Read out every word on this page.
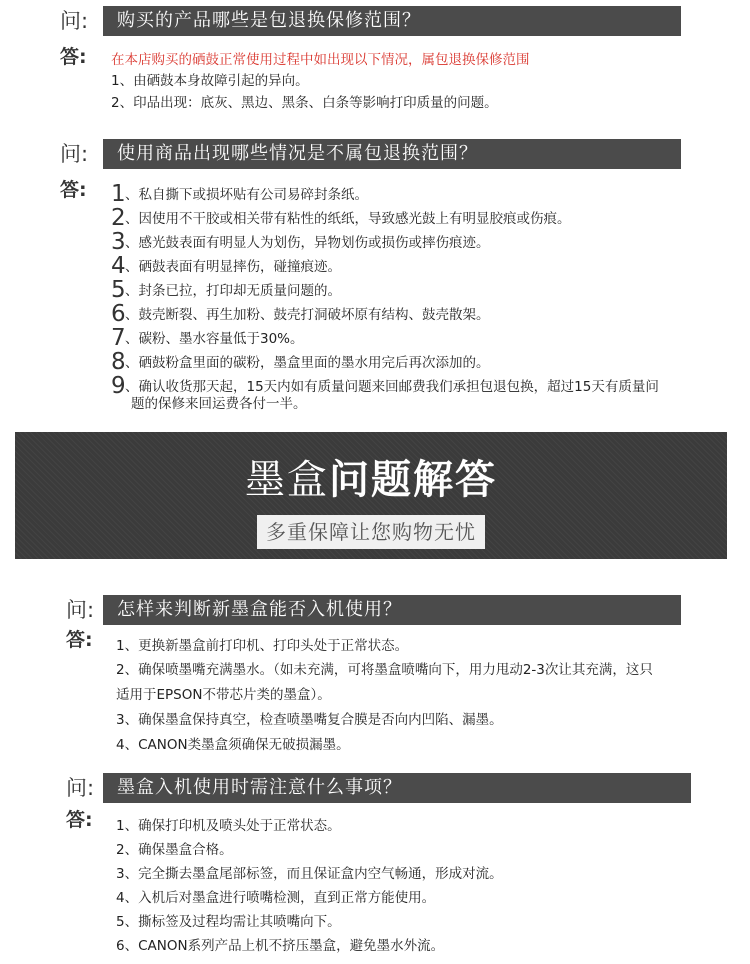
问:	购买的产品哪些是包退换保修范围？
答: 在本店购买的硒鼓正常使用过程中如出现以下情况，属包退换保修范围
1、由硒鼓本身故障引起的异向。
2、印品出现：底灰、黑边、黑条、白条等影响打印质量的问题。
问:	使用商品出现哪些情况是不属包退换范围？
答: 1 、私自撕下或损坏贴有公司易碎封条纸。
2 、因使用不干胶或相关带有粘性的纸纸，导致感光鼓上有明显胶痕或伤痕。
3 、感光鼓表面有明显人为划伤，异物划伤或损伤或摔伤痕迹。
4 、硒鼓表面有明显摔伤，碰撞痕迹。
5 、封条已拉，打印却无质量问题的。
6 、鼓壳断裂、再生加粉、鼓壳打洞破坏原有结构、鼓壳散架。
7 、碳粉、墨水容量低于30%。
8 、硒鼓粉盒里面的碳粉，墨盒里面的墨水用完后再次添加的。
9 、确认收货那天起，15天内如有质量问题来回邮费我们承担包退包换，超过15天有质量问
题的保修来回运费各付一半。
墨盒问题解答
多重保障让您购物无忧
问:	怎样来判断新墨盒能否入机使用？
答: 1、更换新墨盒前打印机、打印头处于正常状态。
2、确保喷墨嘴充满墨水。（如未充满，可将墨盒喷嘴向下，用力甩动2-3次让其充满，这只
适用于EPSON不带芯片类的墨盒）。
3、确保墨盒保持真空，检查喷墨嘴复合膜是否向内凹陷、漏墨。
4、CANON类墨盒须确保无破损漏墨。
问:	墨盒入机使用时需注意什么事项？
答: 1、确保打印机及喷头处于正常状态。
2、确保墨盒合格。
3、完全撕去墨盒尾部标签，而且保证盒内空气畅通，形成对流。
4、入机后对墨盒进行喷嘴检测，直到正常方能使用。
5、撕标签及过程均需让其喷嘴向下。
6、CANON系列产品上机不挤压墨盒，避免墨水外流。
